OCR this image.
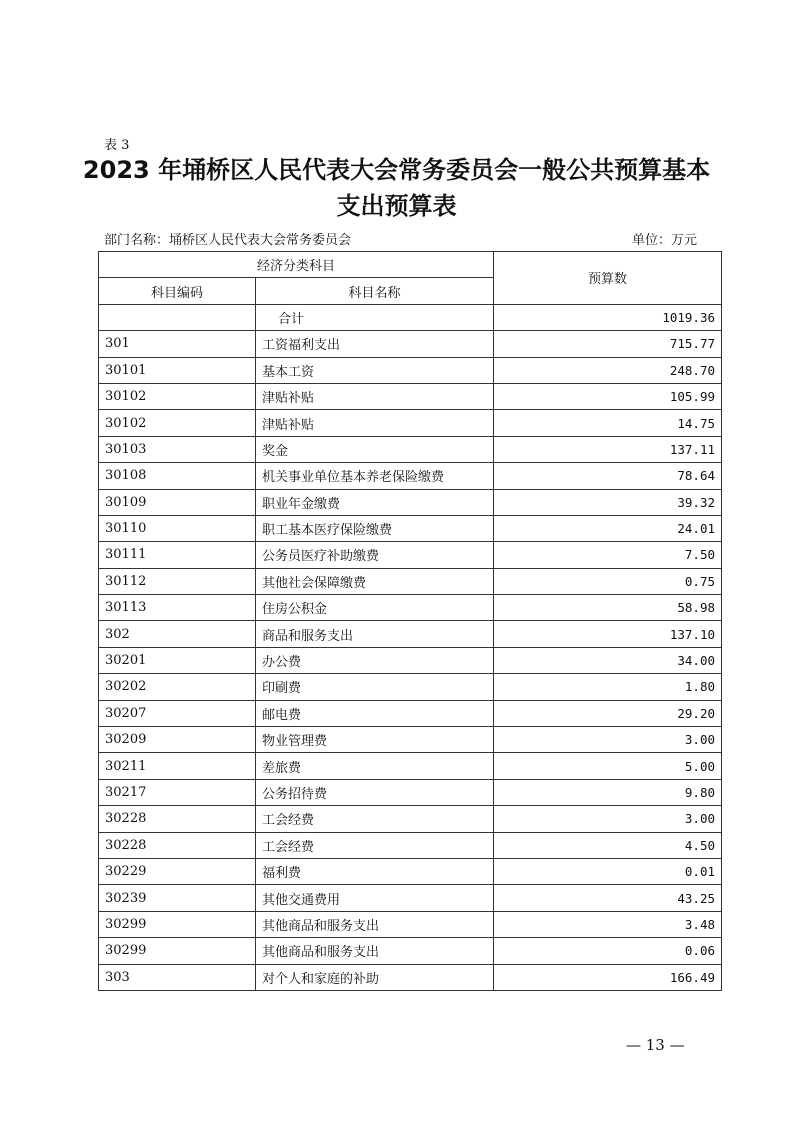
表 3
2023 年埇桥区人民代表大会常务委员会一般公共预算基本
支出预算表
部门名称：埇桥区人民代表大会常务委员会	单位：万元
经济分类科目		预算数
科目编码	科目名称	
	合计	1019.36
301	工资福利支出	715.77
30101	基本工资	248.70
30102	津贴补贴	105.99
30102	津贴补贴	14.75
30103	奖金	137.11
30108	机关事业单位基本养老保险缴费	78.64
30109	职业年金缴费	39.32
30110	职工基本医疗保险缴费	24.01
30111	公务员医疗补助缴费	7.50
30112	其他社会保障缴费	0.75
30113	住房公积金	58.98
302	商品和服务支出	137.10
30201	办公费	34.00
30202	印刷费	1.80
30207	邮电费	29.20
30209	物业管理费	3.00
30211	差旅费	5.00
30217	公务招待费	9.80
30228	工会经费	3.00
30228	工会经费	4.50
30229	福利费	0.01
30239	其他交通费用	43.25
30299	其他商品和服务支出	3.48
30299	其他商品和服务支出	0.06
303	对个人和家庭的补助	166.49
— 13 —
